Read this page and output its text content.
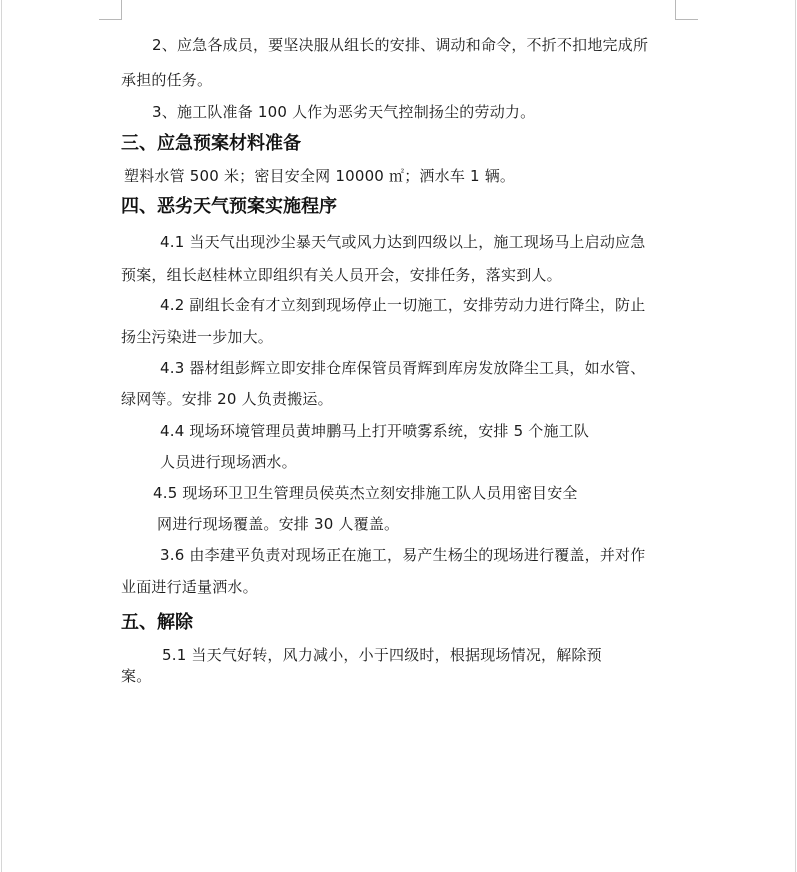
2、应急各成员，要坚决服从组长的安排、调动和命令，不折不扣地完成所
承担的任务。
3、施工队准备 100 人作为恶劣天气控制扬尘的劳动力。
三、应急预案材料准备
塑料水管 500 米；密目安全网 10000 ㎡；洒水车 1 辆。
四、恶劣天气预案实施程序
4.1 当天气出现沙尘暴天气或风力达到四级以上，施工现场马上启动应急
预案，组长赵桂林立即组织有关人员开会，安排任务，落实到人。
4.2 副组长金有才立刻到现场停止一切施工，安排劳动力进行降尘，防止
扬尘污染进一步加大。
4.3 器材组彭辉立即安排仓库保管员胥辉到库房发放降尘工具，如水管、
绿网等。安排 20 人负责搬运。
4.4 现场环境管理员黄坤鹏马上打开喷雾系统，安排 5 个施工队
人员进行现场洒水。
4.5 现场环卫卫生管理员侯英杰立刻安排施工队人员用密目安全
网进行现场覆盖。安排 30 人覆盖。
3.6 由李建平负责对现场正在施工，易产生杨尘的现场进行覆盖，并对作
业面进行适量洒水。
五、解除
5.1 当天气好转，风力减小，小于四级时，根据现场情况，解除预
案。
